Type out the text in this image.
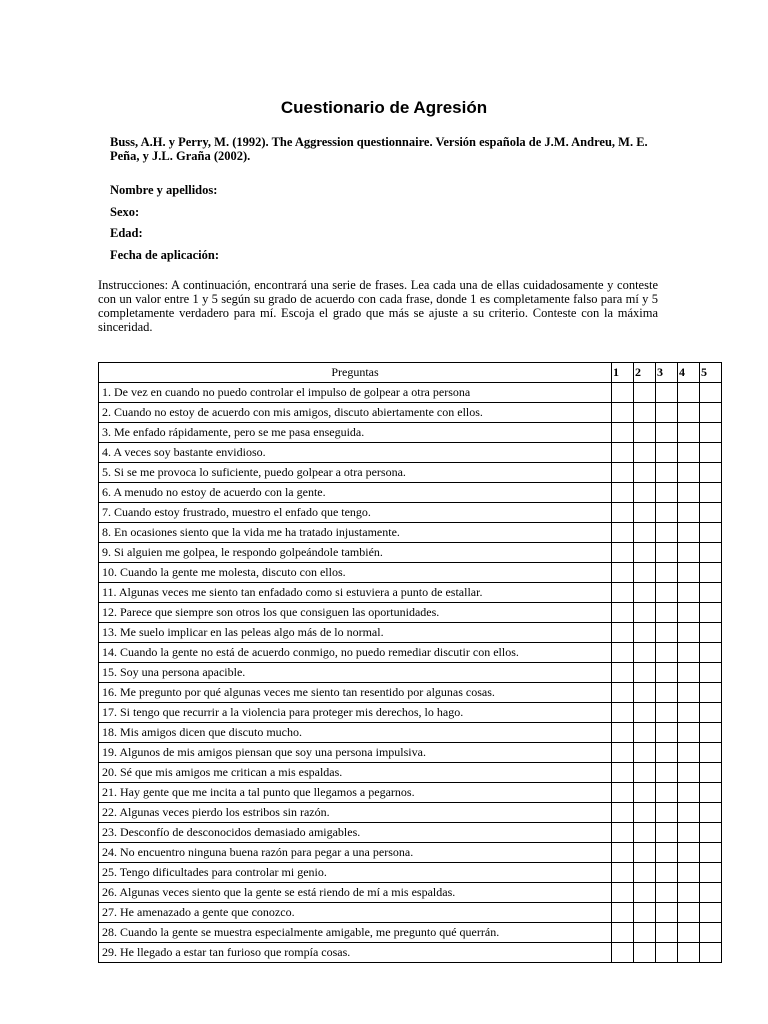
Cuestionario de Agresión

Buss, A.H. y Perry, M. (1992). The Aggression questionnaire. Versión española de J.M. Andreu, M. E. Peña, y J.L. Graña (2002).

Nombre y apellidos:
Sexo:
Edad:
Fecha de aplicación:

Instrucciones: A continuación, encontrará una serie de frases. Lea cada una de ellas cuidadosamente y conteste con un valor entre 1 y 5 según su grado de acuerdo con cada frase, donde 1 es completamente falso para mí y 5 completamente verdadero para mí. Escoja el grado que más se ajuste a su criterio. Conteste con la máxima sinceridad.

Preguntas	1	2	3	4	5
1. De vez en cuando no puedo controlar el impulso de golpear a otra persona					
2. Cuando no estoy de acuerdo con mis amigos, discuto abiertamente con ellos.					
3. Me enfado rápidamente, pero se me pasa enseguida.					
4. A veces soy bastante envidioso.					
5. Si se me provoca lo suficiente, puedo golpear a otra persona.					
6. A menudo no estoy de acuerdo con la gente.					
7. Cuando estoy frustrado, muestro el enfado que tengo.					
8. En ocasiones siento que la vida me ha tratado injustamente.					
9. Si alguien me golpea, le respondo golpeándole también.					
10. Cuando la gente me molesta, discuto con ellos.					
11. Algunas veces me siento tan enfadado como si estuviera a punto de estallar.					
12. Parece que siempre son otros los que consiguen las oportunidades.					
13. Me suelo implicar en las peleas algo más de lo normal.					
14. Cuando la gente no está de acuerdo conmigo, no puedo remediar discutir con ellos.					
15. Soy una persona apacible.					
16. Me pregunto por qué algunas veces me siento tan resentido por algunas cosas.					
17. Si tengo que recurrir a la violencia para proteger mis derechos, lo hago.					
18. Mis amigos dicen que discuto mucho.					
19. Algunos de mis amigos piensan que soy una persona impulsiva.					
20. Sé que mis amigos me critican a mis espaldas.					
21. Hay gente que me incita a tal punto que llegamos a pegarnos.					
22. Algunas veces pierdo los estribos sin razón.					
23. Desconfío de desconocidos demasiado amigables.					
24. No encuentro ninguna buena razón para pegar a una persona.					
25. Tengo dificultades para controlar mi genio.					
26. Algunas veces siento que la gente se está riendo de mí a mis espaldas.					
27. He amenazado a gente que conozco.					
28. Cuando la gente se muestra especialmente amigable, me pregunto qué querrán.					
29. He llegado a estar tan furioso que rompía cosas.					
